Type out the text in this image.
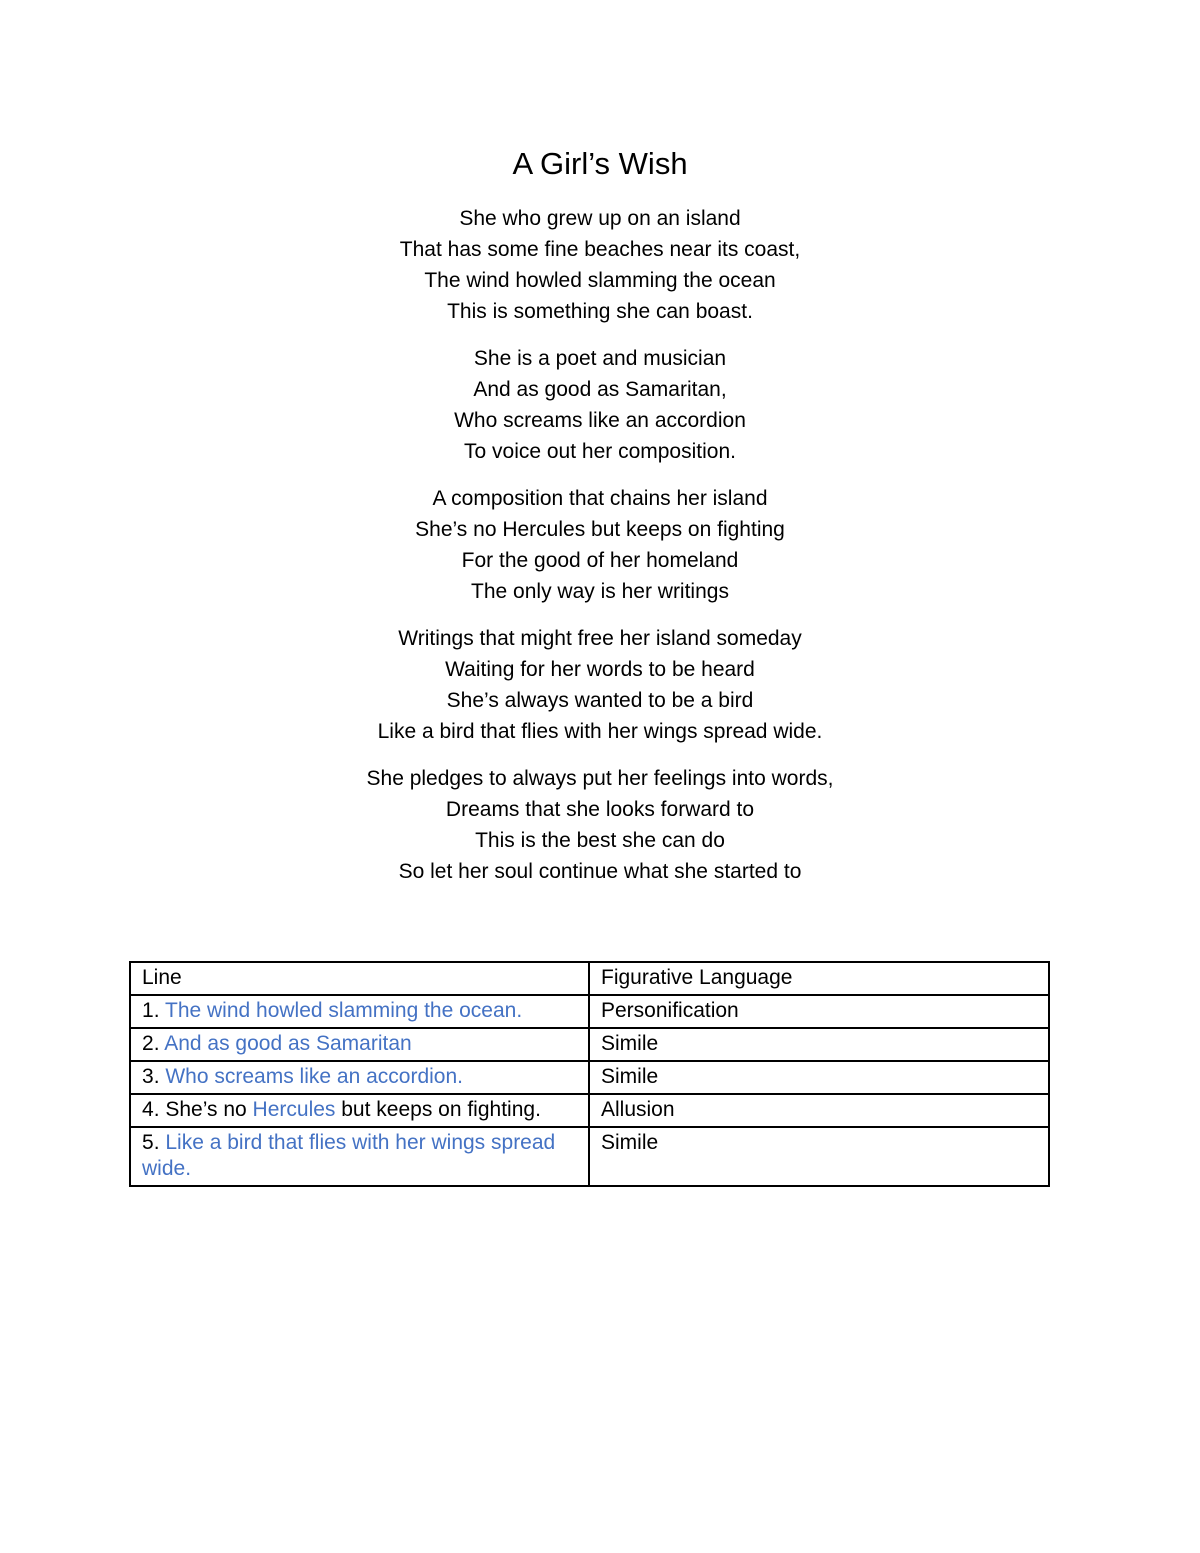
A Girl’s Wish
She who grew up on an island
That has some fine beaches near its coast,
The wind howled slamming the ocean
This is something she can boast.
She is a poet and musician
And as good as Samaritan,
Who screams like an accordion
To voice out her composition.
A composition that chains her island
She’s no Hercules but keeps on fighting
For the good of her homeland
The only way is her writings
Writings that might free her island someday
Waiting for her words to be heard
She’s always wanted to be a bird
Like a bird that flies with her wings spread wide.
She pledges to always put her feelings into words,
Dreams that she looks forward to
This is the best she can do
So let her soul continue what she started to
Line	Figurative Language
1. The wind howled slamming the ocean.	Personification
2. And as good as Samaritan	Simile
3. Who screams like an accordion.	Simile
4. She’s no Hercules but keeps on fighting.	Allusion
5. Like a bird that flies with her wings spread wide.	Simile
